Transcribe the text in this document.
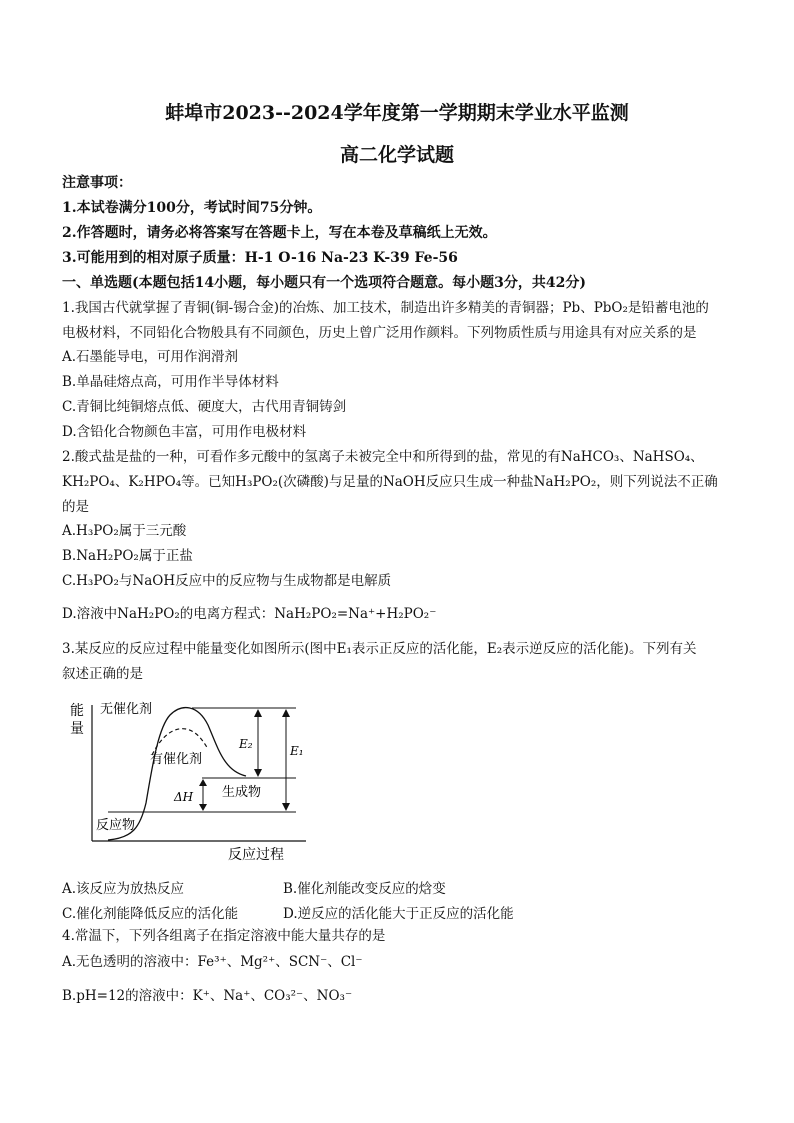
蚌埠市2023--2024学年度第一学期期末学业水平监测
高二化学试题
注意事项：
1.本试卷满分100分，考试时间75分钟。
2.作答题时，请务必将答案写在答题卡上，写在本卷及草稿纸上无效。
3.可能用到的相对原子质量：H-1 O-16 Na-23 K-39 Fe-56
一、单选题(本题包括14小题，每小题只有一个选项符合题意。每小题3分，共42分)
1.我国古代就掌握了青铜(铜-锡合金)的冶炼、加工技术，制造出许多精美的青铜器；Pb、PbO₂是铅蓄电池的
电极材料，不同铅化合物般具有不同颜色，历史上曾广泛用作颜料。下列物质性质与用途具有对应关系的是
A.石墨能导电，可用作润滑剂
B.单晶硅熔点高，可用作半导体材料
C.青铜比纯铜熔点低、硬度大，古代用青铜铸剑
D.含铅化合物颜色丰富，可用作电极材料
2.酸式盐是盐的一种，可看作多元酸中的氢离子未被完全中和所得到的盐，常见的有NaHCO₃、NaHSO₄、
KH₂PO₄、K₂HPO₄等。已知H₃PO₂(次磷酸)与足量的NaOH反应只生成一种盐NaH₂PO₂，则下列说法不正确
的是
A.H₃PO₂属于三元酸
B.NaH₂PO₂属于正盐
C.H₃PO₂与NaOH反应中的反应物与生成物都是电解质
D.溶液中NaH₂PO₂的电离方程式：NaH₂PO₂=Na⁺+H₂PO₂⁻
3.某反应的反应过程中能量变化如图所示(图中E₁表示正反应的活化能，E₂表示逆反应的活化能)。下列有关
叙述正确的是
能
量
无催化剂
有催化剂
E₂	E₁
ΔH 生成物
反应物
反应过程
A.该反应为放热反应	B.催化剂能改变反应的焓变
C.催化剂能降低反应的活化能	D.逆反应的活化能大于正反应的活化能
4.常温下，下列各组离子在指定溶液中能大量共存的是
A.无色透明的溶液中：Fe³⁺、Mg²⁺、SCN⁻、Cl⁻
B.pH=12的溶液中：K⁺、Na⁺、CO₃²⁻、NO₃⁻
